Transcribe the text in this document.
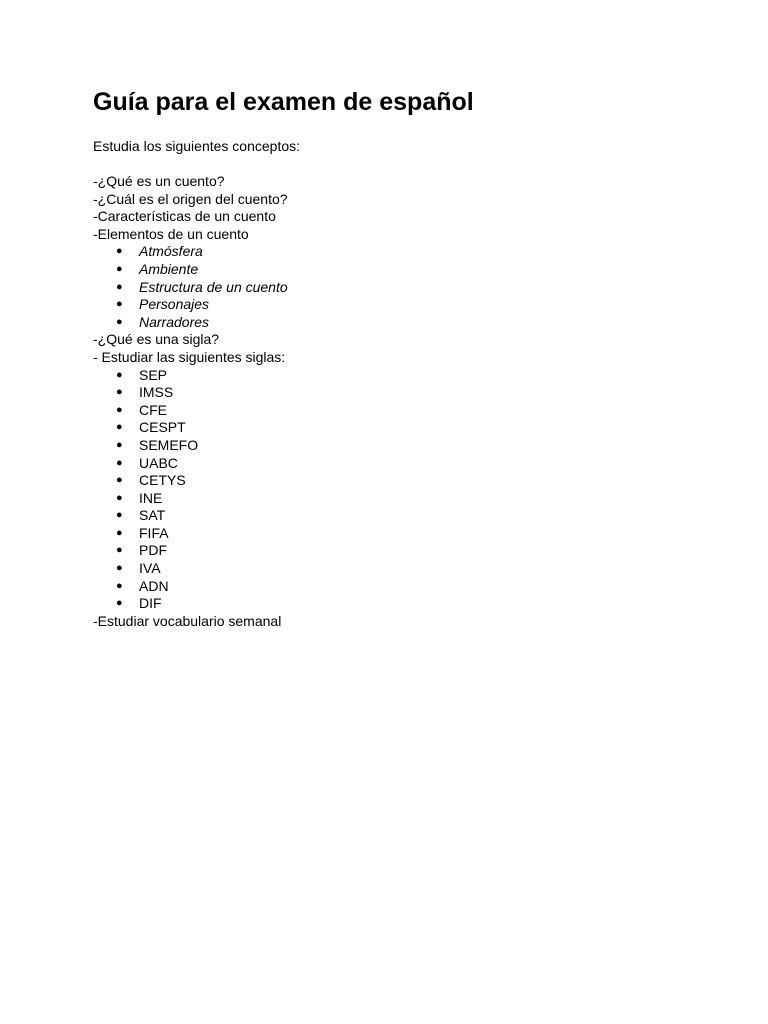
Guía para el examen de español
Estudia los siguientes conceptos:
-¿Qué es un cuento?
-¿Cuál es el origen del cuento?
-Características de un cuento
-Elementos de un cuento
● Atmósfera
● Ambiente
● Estructura de un cuento
● Personajes
● Narradores
-¿Qué es una sigla?
- Estudiar las siguientes siglas:
● SEP
● IMSS
● CFE
● CESPT
● SEMEFO
● UABC
● CETYS
● INE
● SAT
● FIFA
● PDF
● IVA
● ADN
● DIF
-Estudiar vocabulario semanal
